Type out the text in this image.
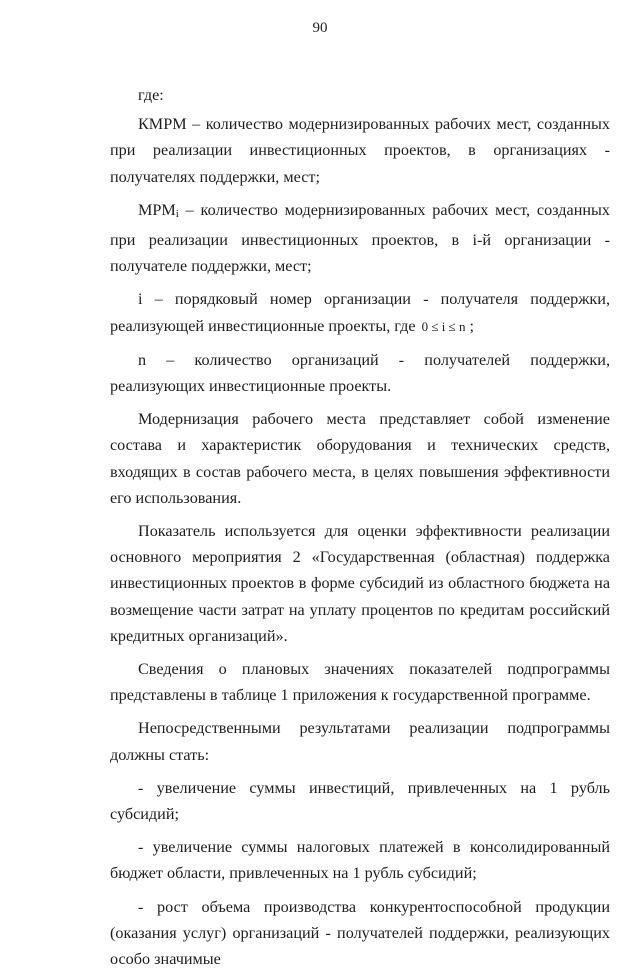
90

где:

КМРМ – количество модернизированных рабочих мест, созданных при реализации инвестиционных проектов, в организациях - получателях поддержки, мест;

МРМi – количество модернизированных рабочих мест, созданных при реализации инвестиционных проектов, в i-й организации - получателе поддержки, мест;

i – порядковый номер организации - получателя поддержки, реализующей инвестиционные проекты, где 0 ≤ i ≤ n ;

n – количество организаций - получателей поддержки, реализующих инвестиционные проекты.

Модернизация рабочего места представляет собой изменение состава и характеристик оборудования и технических средств, входящих в состав рабочего места, в целях повышения эффективности его использования.

Показатель используется для оценки эффективности реализации основного мероприятия 2 «Государственная (областная) поддержка инвестиционных проектов в форме субсидий из областного бюджета на возмещение части затрат на уплату процентов по кредитам российский кредитных организаций».

Сведения о плановых значениях показателей подпрограммы представлены в таблице 1 приложения к государственной программе.

Непосредственными результатами реализации подпрограммы должны стать:

- увеличение суммы инвестиций, привлеченных на 1 рубль субсидий;

- увеличение суммы налоговых платежей в консолидированный бюджет области, привлеченных на 1 рубль субсидий;

- рост объема производства конкурентоспособной продукции (оказания услуг) организаций - получателей поддержки, реализующих особо значимые
